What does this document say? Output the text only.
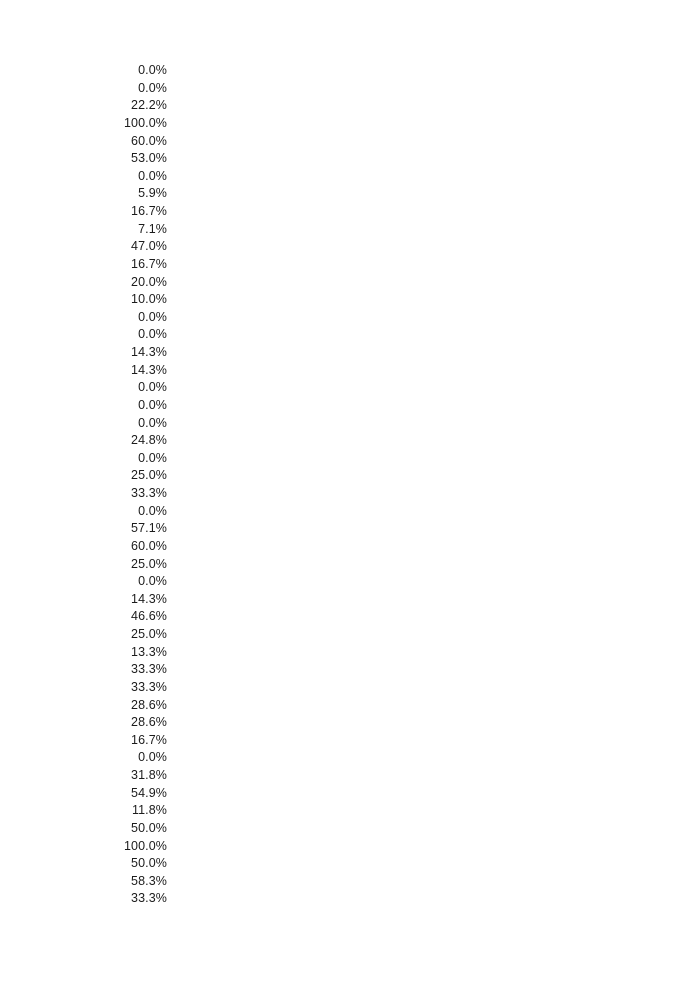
0.0%
0.0%
22.2%
100.0%
60.0%
53.0%
0.0%
5.9%
16.7%
7.1%
47.0%
16.7%
20.0%
10.0%
0.0%
0.0%
14.3%
14.3%
0.0%
0.0%
0.0%
24.8%
0.0%
25.0%
33.3%
0.0%
57.1%
60.0%
25.0%
0.0%
14.3%
46.6%
25.0%
13.3%
33.3%
33.3%
28.6%
28.6%
16.7%
0.0%
31.8%
54.9%
11.8%
50.0%
100.0%
50.0%
58.3%
33.3%
